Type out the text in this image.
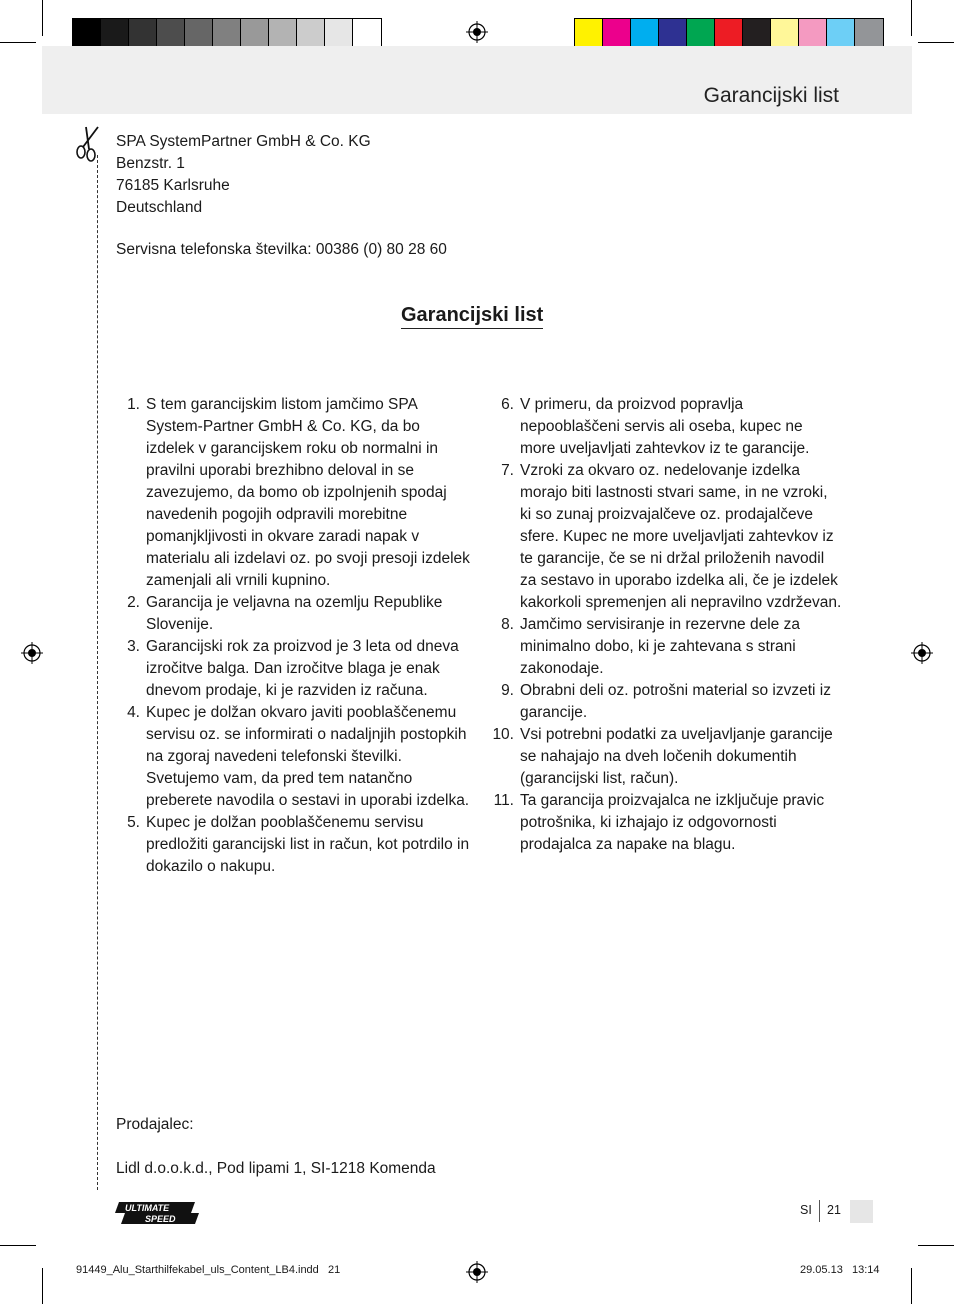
Garancijski list
SPA SystemPartner GmbH & Co. KG
Benzstr. 1
76185 Karlsruhe
Deutschland
Servisna telefonska številka: 00386 (0) 80 28 60
Garancijski list
1. S tem garancijskim listom jamčimo SPA System-Partner GmbH & Co. KG, da bo izdelek v garancijskem roku ob normalni in pravilni uporabi brezhibno deloval in se zavezujemo, da bomo ob izpolnjenih spodaj navedenih pogojih odpravili morebitne pomanjkljivosti in okvare zaradi napak v materialu ali izdelavi oz. po svoji presoji izdelek zamenjali ali vrnili kupnino.
2. Garancija je veljavna na ozemlju Republike Slovenije.
3. Garancijski rok za proizvod je 3 leta od dneva izročitve balga. Dan izročitve blaga je enak dnevom prodaje, ki je razviden iz računa.
4. Kupec je dolžan okvaro javiti pooblaščenemu servisu oz. se informirati o nadaljnjih postopkih na zgoraj navedeni telefonski številki. Svetujemo vam, da pred tem natančno preberete navodila o sestavi in uporabi izdelka.
5. Kupec je dolžan pooblaščenemu servisu predložiti garancijski list in račun, kot potrdilo in dokazilo o nakupu.
6. V primeru, da proizvod popravlja nepooblaščeni servis ali oseba, kupec ne more uveljavljati zahtevkov iz te garancije.
7. Vzroki za okvaro oz. nedelovanje izdelka morajo biti lastnosti stvari same, in ne vzroki, ki so zunaj proizvajalčeve oz. prodajalčeve sfere. Kupec ne more uveljavljati zahtevkov iz te garancije, če se ni držal priloženih navodil za sestavo in uporabo izdelka ali, če je izdelek kakorkoli spremenjen ali nepravilno vzdrževan.
8. Jamčimo servisiranje in rezervne dele za minimalno dobo, ki je zahtevana s strani zakonodaje.
9. Obrabni deli oz. potrošni material so izvzeti iz garancije.
10. Vsi potrebni podatki za uveljavljanje garancije se nahajajo na dveh ločenih dokumentih (garancijski list, račun).
11. Ta garancija proizvajalca ne izključuje pravic potrošnika, ki izhajajo iz odgovornosti prodajalca za napake na blagu.
Prodajalec:
Lidl d.o.o.k.d., Pod lipami 1, SI-1218 Komenda
ULTIMATE
SPEED
SI 21
91449_Alu_Starthilfekabel_uls_Content_LB4.indd   21	29.05.13   13:14
